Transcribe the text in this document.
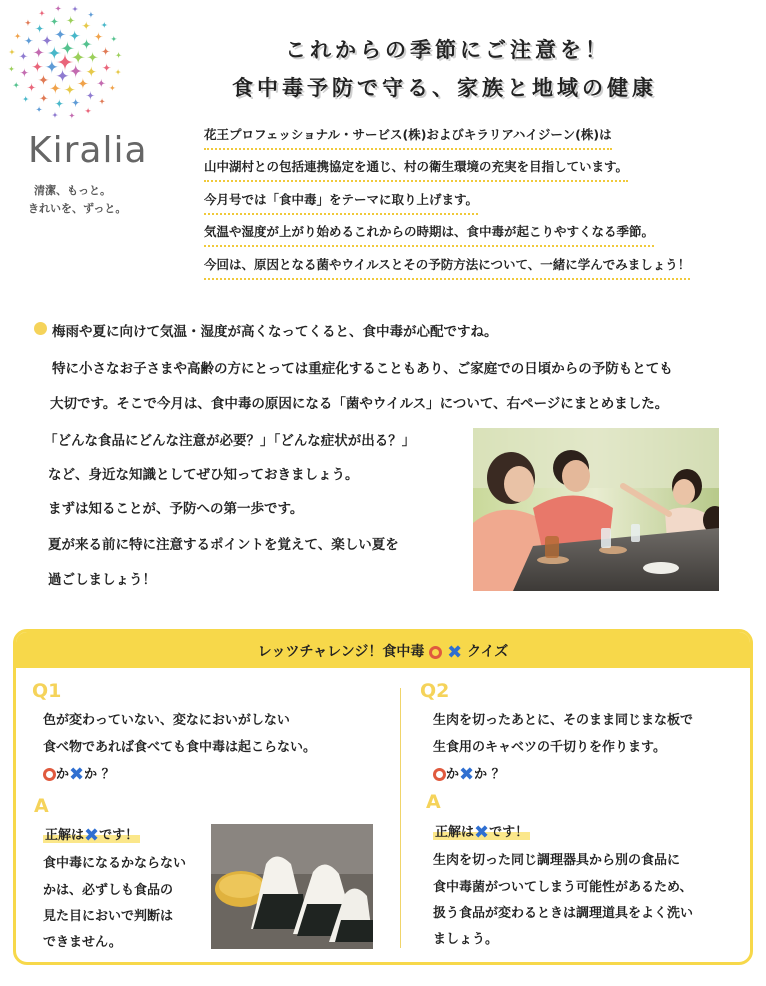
Kiralia
清潔、もっと。
きれいを、ずっと。
これからの季節にご注意を！
食中毒予防で守る、家族と地域の健康
花王プロフェッショナル・サービス(株)およびキラリアハイジーン(株)は
山中湖村との包括連携協定を通じ、村の衛生環境の充実を目指しています。
今月号では「食中毒」をテーマに取り上げます。
気温や湿度が上がり始めるこれからの時期は、食中毒が起こりやすくなる季節。
今回は、原因となる菌やウイルスとその予防方法について、一緒に学んでみましょう！
梅雨や夏に向けて気温・湿度が高くなってくると、食中毒が心配ですね。
特に小さなお子さまや高齢の方にとっては重症化することもあり、ご家庭での日頃からの予防もとても
大切です。そこで今月は、食中毒の原因になる「菌やウイルス」について、右ページにまとめました。
「どんな食品にどんな注意が必要？」「どんな症状が出る？」
など、身近な知識としてぜひ知っておきましょう。
まずは知ることが、予防への第一歩です。
夏が来る前に特に注意するポイントを覚えて、楽しい夏を
過ごしましょう！
レッツチャレンジ！食中毒 ✖ クイズ
Q1
色が変わっていない、変なにおいがしない
食べ物であれば食べても食中毒は起こらない。
か✖か ？
A
正解は✖です！
食中毒になるかならない
かは、必ずしも食品の
見た目においで判断は
できません。
Q2
生肉を切ったあとに、そのまま同じまな板で
生食用のキャベツの千切りを作ります。
か✖か ？
A
正解は✖です！
生肉を切った同じ調理器具から別の食品に
食中毒菌がついてしまう可能性があるため、
扱う食品が変わるときは調理道具をよく洗い
ましょう。
